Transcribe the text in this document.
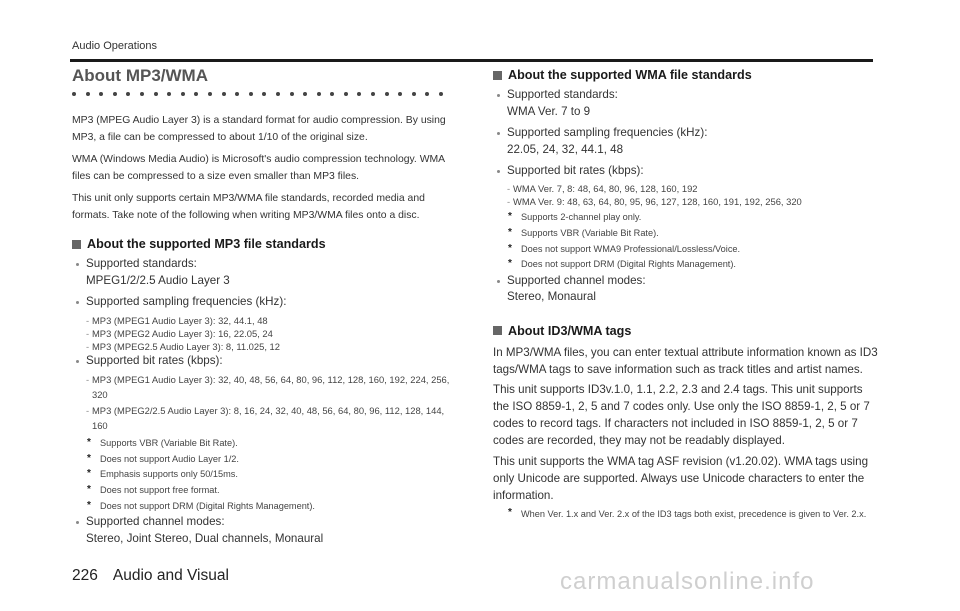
Audio Operations
About MP3/WMA

MP3 (MPEG Audio Layer 3) is a standard format for audio compression. By using MP3, a file can be compressed to about 1/10 of the original size.

WMA (Windows Media Audio) is Microsoft's audio compression technology. WMA files can be compressed to a size even smaller than MP3 files.

This unit only supports certain MP3/WMA file standards, recorded media and formats. Take note of the following when writing MP3/WMA files onto a disc.

About the supported MP3 file standards
Supported standards:
MPEG1/2/2.5 Audio Layer 3
Supported sampling frequencies (kHz):
- MP3 (MPEG1 Audio Layer 3): 32, 44.1, 48
- MP3 (MPEG2 Audio Layer 3): 16, 22.05, 24
- MP3 (MPEG2.5 Audio Layer 3): 8, 11.025, 12
Supported bit rates (kbps):
- MP3 (MPEG1 Audio Layer 3): 32, 40, 48, 56, 64, 80, 96, 112, 128, 160, 192, 224, 256, 320
- MP3 (MPEG2/2.5 Audio Layer 3): 8, 16, 24, 32, 40, 48, 56, 64, 80, 96, 112, 128, 144, 160
* Supports VBR (Variable Bit Rate).
* Does not support Audio Layer 1/2.
* Emphasis supports only 50/15ms.
* Does not support free format.
* Does not support DRM (Digital Rights Management).
Supported channel modes:
Stereo, Joint Stereo, Dual channels, Monaural
About the supported WMA file standards
Supported standards:
WMA Ver. 7 to 9
Supported sampling frequencies (kHz):
22.05, 24, 32, 44.1, 48
Supported bit rates (kbps):
- WMA Ver. 7, 8: 48, 64, 80, 96, 128, 160, 192
- WMA Ver. 9: 48, 63, 64, 80, 95, 96, 127, 128, 160, 191, 192, 256, 320
* Supports 2-channel play only.
* Supports VBR (Variable Bit Rate).
* Does not support WMA9 Professional/Lossless/Voice.
* Does not support DRM (Digital Rights Management).
Supported channel modes:
Stereo, Monaural
About ID3/WMA tags

In MP3/WMA files, you can enter textual attribute information known as ID3 tags/WMA tags to save information such as track titles and artist names.

This unit supports ID3v.1.0, 1.1, 2.2, 2.3 and 2.4 tags. This unit supports the ISO 8859-1, 2, 5 and 7 codes only. Use only the ISO 8859-1, 2, 5 or 7 codes to record tags. If characters not included in ISO 8859-1, 2, 5 or 7 codes are recorded, they may not be readably displayed.

This unit supports the WMA tag ASF revision (v1.20.02). WMA tags using only Unicode are supported. Always use Unicode characters to enter the information.

* When Ver. 1.x and Ver. 2.x of the ID3 tags both exist, precedence is given to Ver. 2.x.
226 Audio and Visual	carmanualsonline.info
